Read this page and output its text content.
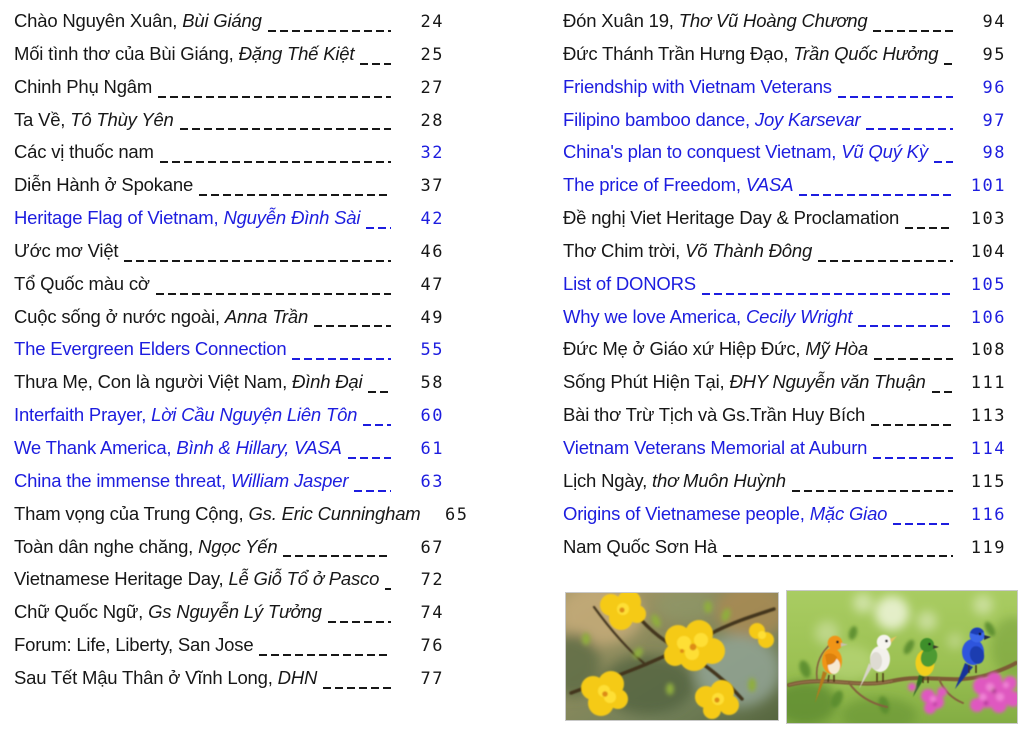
Chào Nguyên Xuân, Bùi Giáng	24
Mối tình thơ của Bùi Giáng, Đặng Thế Kiệt	25
Chinh Phụ Ngâm	27
Ta Về, Tô Thùy Yên	28
Các vị thuốc nam	32
Diễn Hành ở Spokane	37
Heritage Flag of Vietnam, Nguyễn Đình Sài	42
Ước mơ Việt	46
Tổ Quốc màu cờ	47
Cuộc sống ở nước ngoài, Anna Trần	49
The Evergreen Elders Connection	55
Thưa Mẹ, Con là người Việt Nam, Đình Đại	58
Interfaith Prayer, Lời Cầu Nguyện Liên Tôn	60
We Thank America, Bình & Hillary, VASA	61
China the immense threat, William Jasper	63
Tham vọng của Trung Cộng, Gs. Eric Cunningham	65
Toàn dân nghe chăng, Ngọc Yến	67
Vietnamese Heritage Day, Lễ Giỗ Tổ ở Pasco	72
Chữ Quốc Ngữ, Gs Nguyễn Lý Tưởng	74
Forum: Life, Liberty, San Jose	76
Sau Tết Mậu Thân ở Vĩnh Long, DHN	77
Đón Xuân 19, Thơ Vũ Hoàng Chương	94
Đức Thánh Trần Hưng Đạo, Trần Quốc Hưởng	95
Friendship with Vietnam Veterans	96
Filipino bamboo dance, Joy Karsevar	97
China's plan to conquest Vietnam, Vũ Quý Kỳ	98
The price of Freedom, VASA	101
Đề nghị Viet Heritage Day & Proclamation	103
Thơ Chim trời, Võ Thành Đông	104
List of DONORS	105
Why we love America, Cecily Wright	106
Đức Mẹ ở Giáo xứ Hiệp Đức, Mỹ Hòa	108
Sống Phút Hiện Tại, ĐHY Nguyễn văn Thuận	111
Bài thơ Trừ Tịch và Gs.Trần Huy Bích	113
Vietnam Veterans Memorial at Auburn	114
Lịch Ngày, thơ Muôn Huỳnh	115
Origins of Vietnamese people, Mặc Giao	116
Nam Quốc Sơn Hà	119
